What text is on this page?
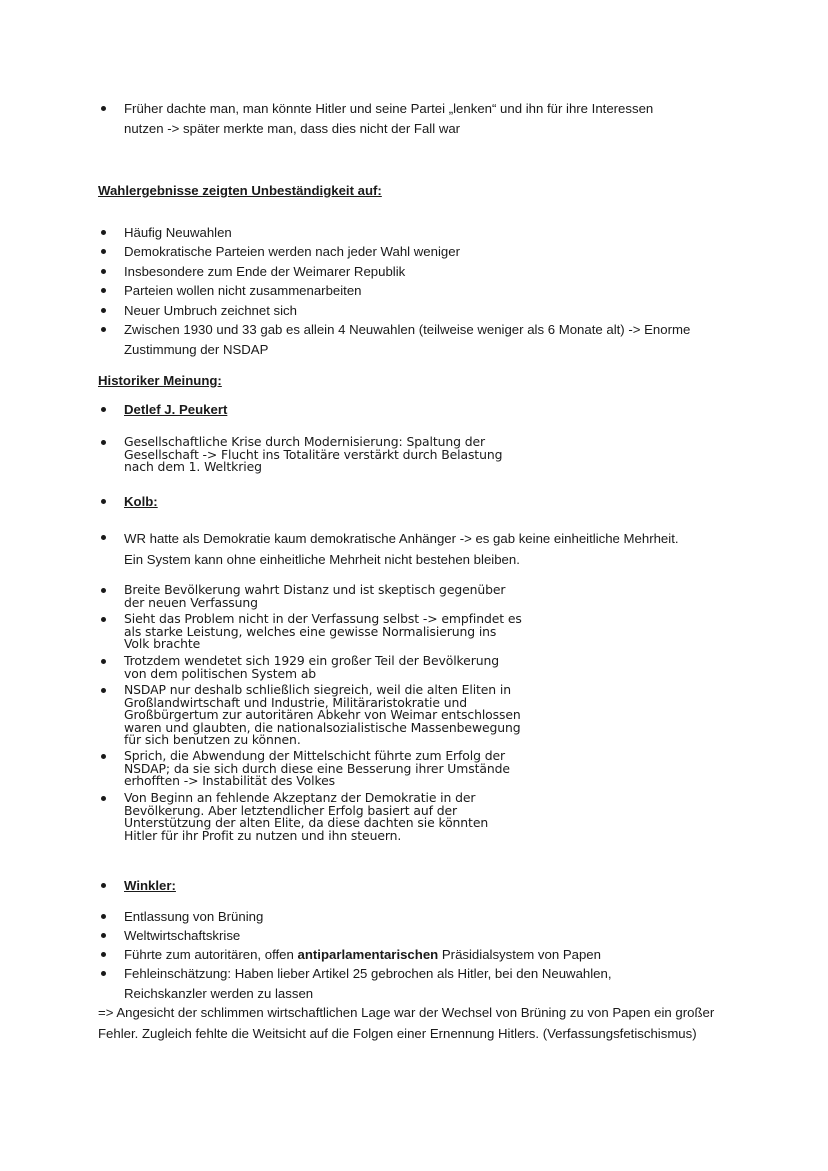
Früher dachte man, man könnte Hitler und seine Partei „lenken“ und ihn für ihre Interessen
nutzen -> später merkte man, dass dies nicht der Fall war
Wahlergebnisse zeigten Unbeständigkeit auf:
Häufig Neuwahlen
Demokratische Parteien werden nach jeder Wahl weniger
Insbesondere zum Ende der Weimarer Republik
Parteien wollen nicht zusammenarbeiten
Neuer Umbruch zeichnet sich
Zwischen 1930 und 33 gab es allein 4 Neuwahlen (teilweise weniger als 6 Monate alt) -> Enorme
Zustimmung der NSDAP
Historiker Meinung:
Detlef J. Peukert
Gesellschaftliche Krise durch Modernisierung: Spaltung der Gesellschaft -> Flucht ins Totalitäre verstärkt durch Belastung nach dem 1. Weltkrieg
Kolb:
WR hatte als Demokratie kaum demokratische Anhänger -> es gab keine einheitliche Mehrheit.
Ein System kann ohne einheitliche Mehrheit nicht bestehen bleiben.
Breite Bevölkerung wahrt Distanz und ist skeptisch gegenüber der neuen Verfassung
Sieht das Problem nicht in der Verfassung selbst -> empfindet es als starke Leistung, welches eine gewisse Normalisierung ins Volk brachte
Trotzdem wendetet sich 1929 ein großer Teil der Bevölkerung von dem politischen System ab
NSDAP nur deshalb schließlich siegreich, weil die alten Eliten in Großlandwirtschaft und Industrie, Militäraristokratie und Großbürgertum zur autoritären Abkehr von Weimar entschlossen waren und glaubten, die nationalsozialistische Massenbewegung für sich benutzen zu können.
Sprich, die Abwendung der Mittelschicht führte zum Erfolg der NSDAP; da sie sich durch diese eine Besserung ihrer Umstände erhofften -> Instabilität des Volkes
Von Beginn an fehlende Akzeptanz der Demokratie in der Bevölkerung. Aber letztendlicher Erfolg basiert auf der Unterstützung der alten Elite, da diese dachten sie könnten Hitler für ihr Profit zu nutzen und ihn steuern.
Winkler:
Entlassung von Brüning
Weltwirtschaftskrise
Führte zum autoritären, offen antiparlamentarischen Präsidialsystem von Papen
Fehleinschätzung: Haben lieber Artikel 25 gebrochen als Hitler, bei den Neuwahlen,
Reichskanzler werden zu lassen
=> Angesicht der schlimmen wirtschaftlichen Lage war der Wechsel von Brüning zu von Papen ein großer Fehler. Zugleich fehlte die Weitsicht auf die Folgen einer Ernennung Hitlers. (Verfassungsfetischismus)
